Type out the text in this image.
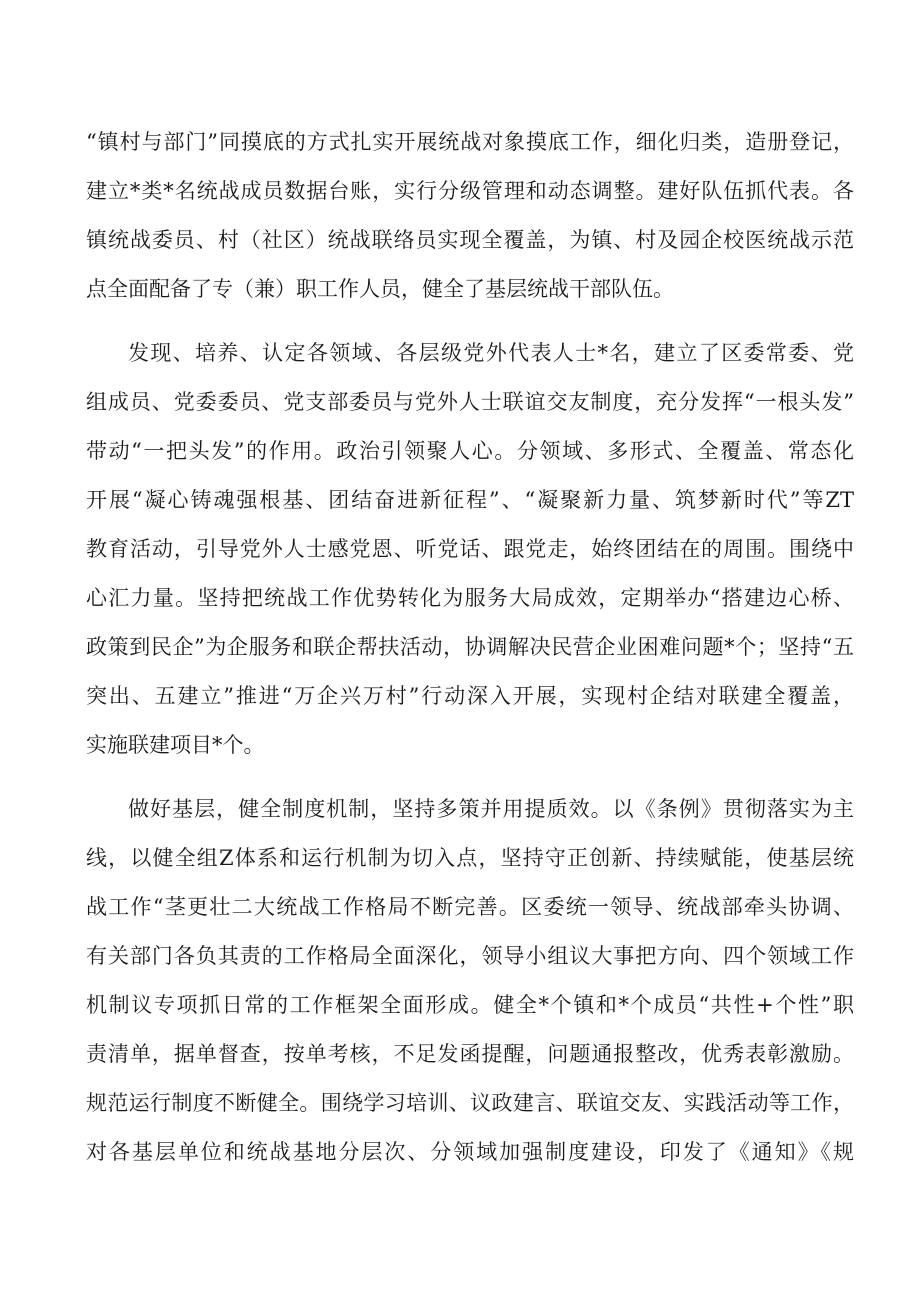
“镇村与部门”同摸底的方式扎实开展统战对象摸底工作，细化归类，造册登记，
建立*类*名统战成员数据台账，实行分级管理和动态调整。建好队伍抓代表。各
镇统战委员、村（社区）统战联络员实现全覆盖，为镇、村及园企校医统战示范
点全面配备了专（兼）职工作人员，健全了基层统战干部队伍。
发现、培养、认定各领域、各层级党外代表人士*名，建立了区委常委、党
组成员、党委委员、党支部委员与党外人士联谊交友制度，充分发挥“一根头发”
带动“一把头发”的作用。政治引领聚人心。分领域、多形式、全覆盖、常态化
开展“凝心铸魂强根基、团结奋进新征程”、“凝聚新力量、筑梦新时代”等ZT
教育活动，引导党外人士感党恩、听党话、跟党走，始终团结在的周围。围绕中
心汇力量。坚持把统战工作优势转化为服务大局成效，定期举办“搭建边心桥、
政策到民企”为企服务和联企帮扶活动，协调解决民营企业困难问题*个；坚持“五
突出、五建立”推进“万企兴万村”行动深入开展，实现村企结对联建全覆盖，
实施联建项目*个。
做好基层，健全制度机制，坚持多策并用提质效。以《条例》贯彻落实为主
线，以健全组Z体系和运行机制为切入点，坚持守正创新、持续赋能，使基层统
战工作“茎更壮二大统战工作格局不断完善。区委统一领导、统战部牵头协调、
有关部门各负其责的工作格局全面深化，领导小组议大事把方向、四个领域工作
机制议专项抓日常的工作框架全面形成。健全*个镇和*个成员“共性+个性”职
责清单，据单督查，按单考核，不足发函提醒，问题通报整改，优秀表彰激励。
规范运行制度不断健全。围绕学习培训、议政建言、联谊交友、实践活动等工作，
对各基层单位和统战基地分层次、分领域加强制度建设，印发了《通知》《规
